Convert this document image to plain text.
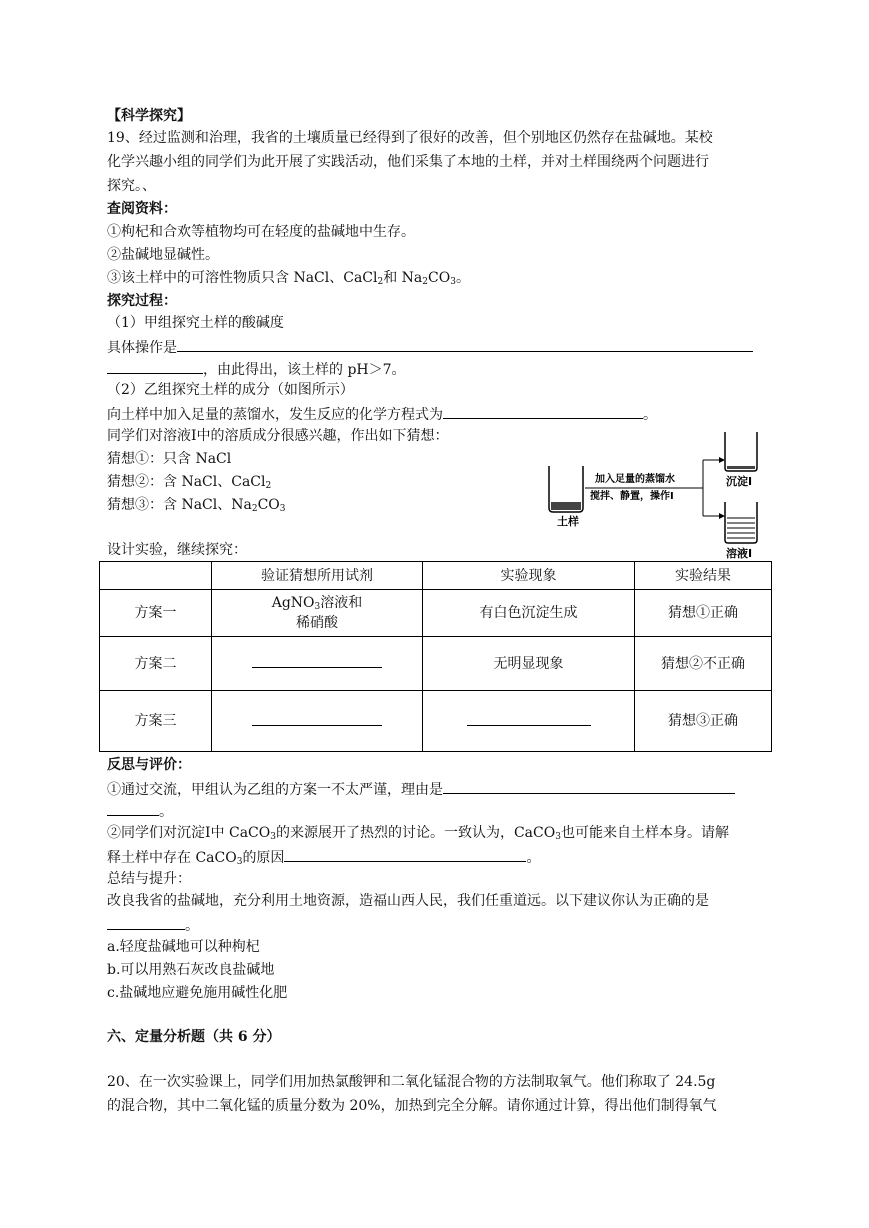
【科学探究】
19、经过监测和治理，我省的土壤质量已经得到了很好的改善，但个别地区仍然存在盐碱地。某校
化学兴趣小组的同学们为此开展了实践活动，他们采集了本地的土样，并对土样围绕两个问题进行
探究。、
查阅资料：
①枸杞和合欢等植物均可在轻度的盐碱地中生存。
②盐碱地显碱性。
③该土样中的可溶性物质只含 NaCl、CaCl$_2$和 $Na_2CO_3$。
探究过程：
（1）甲组探究土样的酸碱度
具体操作是
，由此得出，该土样的 pH＞7。
（2）乙组探究土样的成分（如图所示）
向土样中加入足量的蒸馏水，发生反应的化学方程式为	。
同学们对溶液Ⅰ中的溶质成分很感兴趣，作出如下猜想：
猜想①：只含 NaCl
猜想②：含 NaCl、CaCl$_2$
猜想③：含 NaCl、$Na_2CO_3$
土样
加入足量的蒸馏水
搅拌、静置，操作Ⅰ
沉淀Ⅰ
溶液Ⅰ
设计实验，继续探究：
	验证猜想所用试剂	实验现象	实验结果
方案一	AgNO$_3$溶液和
稀硝酸	有白色沉淀生成	猜想①正确
方案二		无明显现象	猜想②不正确
方案三			猜想③正确
反思与评价：
①通过交流，甲组认为乙组的方案一不太严谨，理由是
。
②同学们对沉淀Ⅰ中 CaCO$_3$的来源展开了热烈的讨论。一致认为，CaCO$_3$也可能来自土样本身。请解
释土样中存在 CaCO$_3$的原因	。
总结与提升：
改良我省的盐碱地，充分利用土地资源，造福山西人民，我们任重道远。以下建议你认为正确的是
。
a.轻度盐碱地可以种枸杞
b.可以用熟石灰改良盐碱地
c.盐碱地应避免施用碱性化肥
六、定量分析题（共 6 分）
20、在一次实验课上，同学们用加热氯酸钾和二氧化锰混合物的方法制取氧气。他们称取了 24.5g
的混合物，其中二氧化锰的质量分数为 20%，加热到完全分解。请你通过计算，得出他们制得氧气
